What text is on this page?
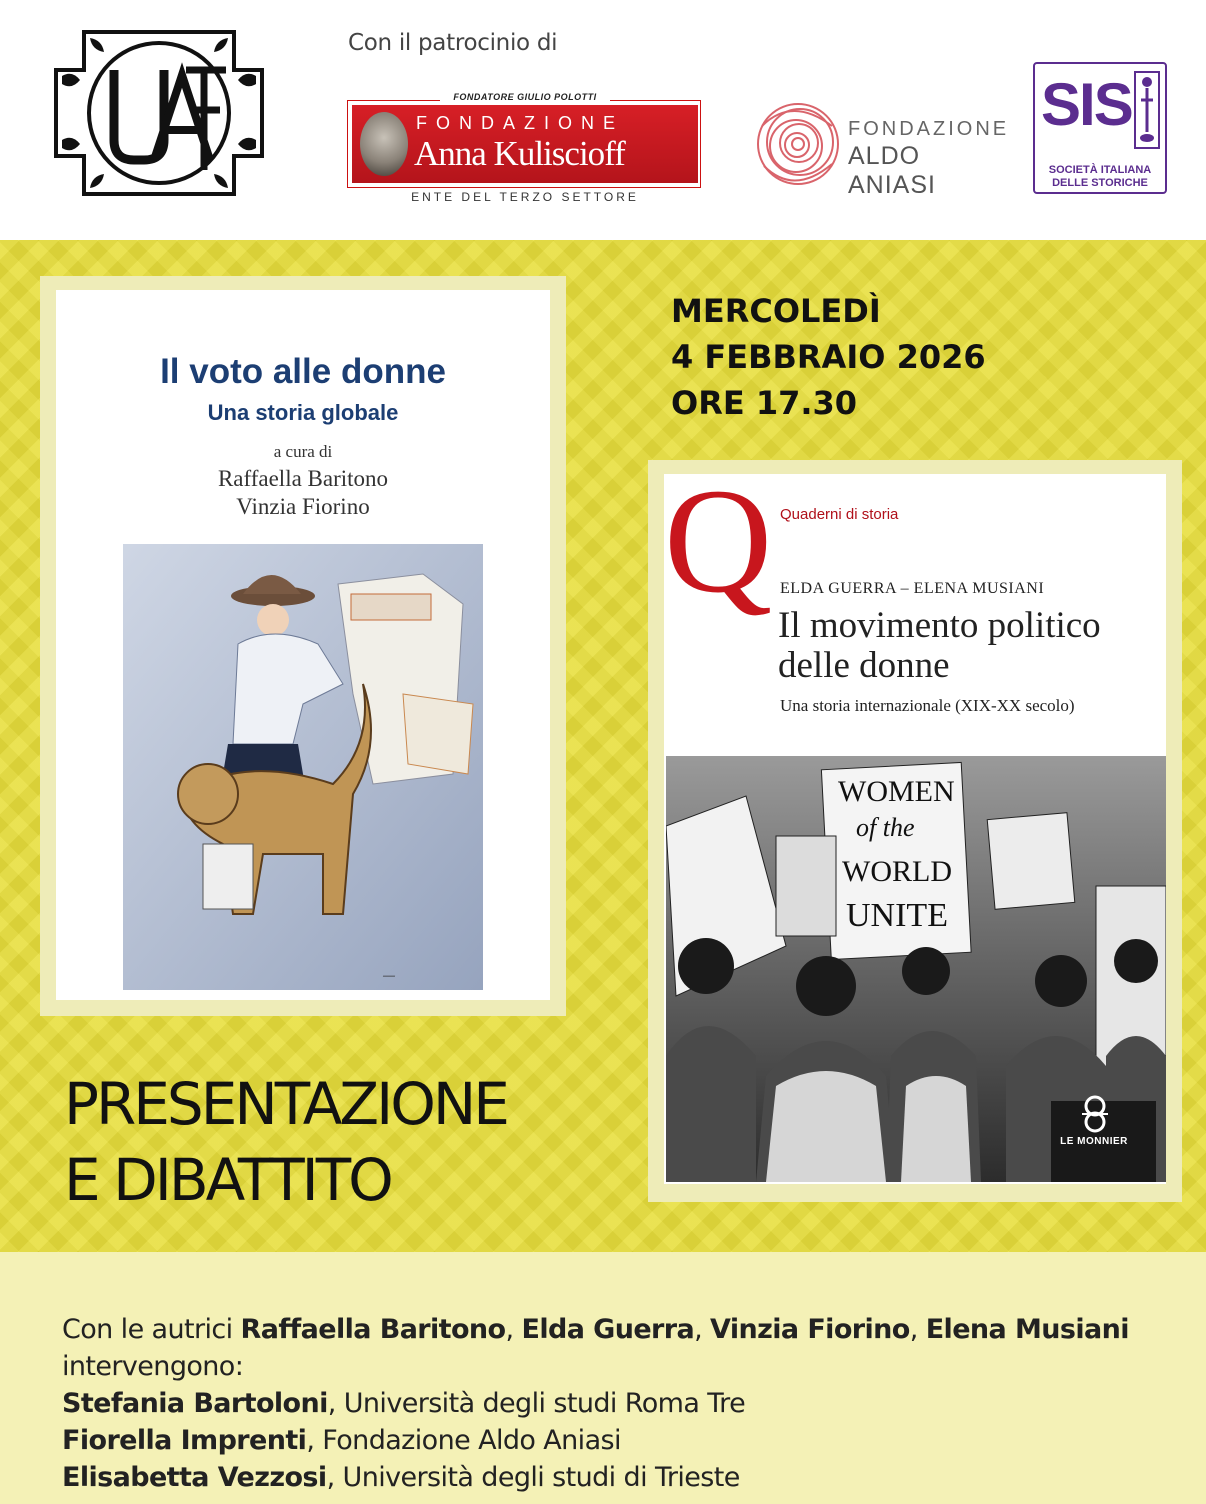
Con il patrocinio di
FONDATORE GIULIO POLOTTI
FONDAZIONE
Anna Kuliscioff
ENTE DEL TERZO SETTORE
FONDAZIONE
ALDO ANIASI
SIS
SOCIETÀ ITALIANA
DELLE STORICHE
Il voto alle donne
Una storia globale
a cura di
Raffaella Baritono
Vinzia Fiorino
—
MERCOLEDÌ
4 FEBBRAIO 2026
ORE 17.30
Q Quaderni di storia
ELDA GUERRA – ELENA MUSIANI
Il movimento politico
delle donne
Una storia internazionale (XIX-XX secolo)
WOMEN
of the
WORLD
UNITE
LE MONNIER
PRESENTAZIONE
E DIBATTITO
Con le autrici Raffaella Baritono, Elda Guerra, Vinzia Fiorino, Elena Musiani
intervengono:
Stefania Bartoloni, Università degli studi Roma Tre
Fiorella Imprenti, Fondazione Aldo Aniasi
Elisabetta Vezzosi, Università degli studi di Trieste
